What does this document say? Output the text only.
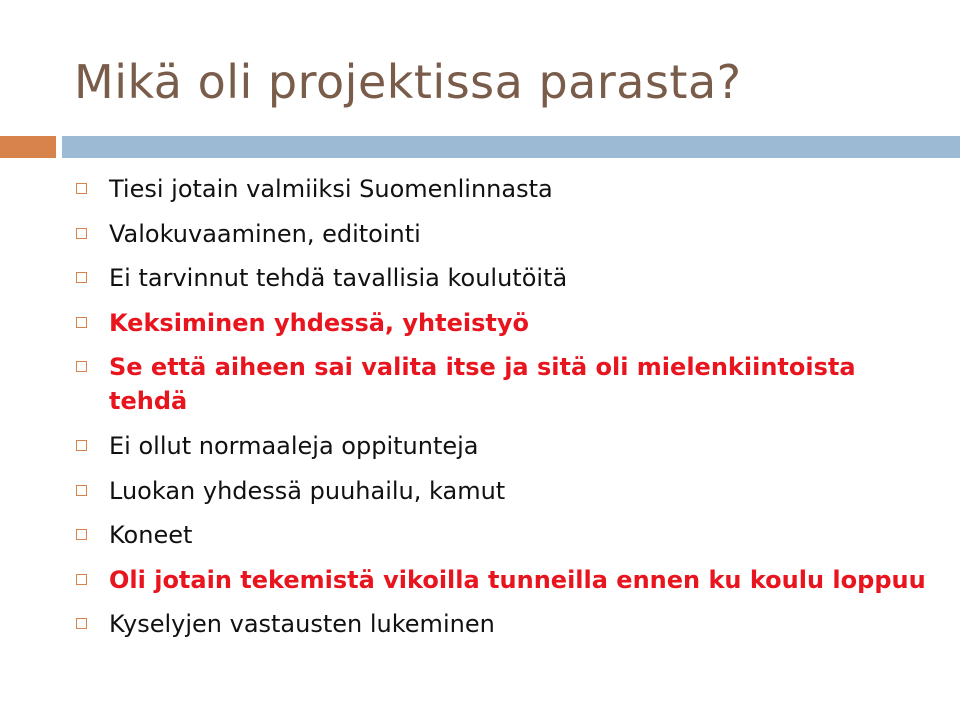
Mikä oli projektissa parasta?
Tiesi jotain valmiiksi Suomenlinnasta
Valokuvaaminen, editointi
Ei tarvinnut tehdä tavallisia koulutöitä
Keksiminen yhdessä, yhteistyö
Se että aiheen sai valita itse ja sitä oli mielenkiintoista tehdä
Ei ollut normaaleja oppitunteja
Luokan yhdessä puuhailu, kamut
Koneet
Oli jotain tekemistä vikoilla tunneilla ennen ku koulu loppuu
Kyselyjen vastausten lukeminen
